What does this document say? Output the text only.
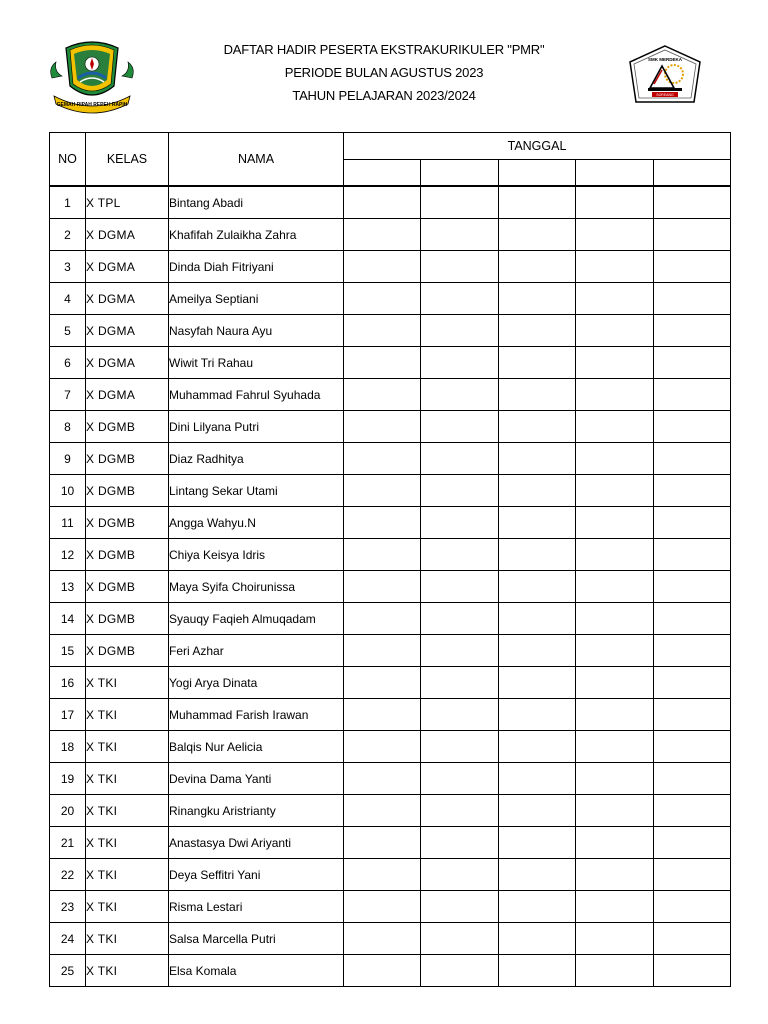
GEMAH RIPAH REPEH RAPIH
SMK MERDEKA
SOREANG
DAFTAR HADIR PESERTA EKSTRAKURIKULER "PMR"
PERIODE BULAN AGUSTUS 2023
TAHUN PELAJARAN 2023/2024
NO	KELAS	NAMA	TANGGAL				

1	X TPL	Bintang Abadi					
2	X DGMA	Khafifah Zulaikha Zahra					
3	X DGMA	Dinda Diah Fitriyani					
4	X DGMA	Ameilya Septiani					
5	X DGMA	Nasyfah Naura Ayu					
6	X DGMA	Wiwit Tri Rahau					
7	X DGMA	Muhammad Fahrul Syuhada					
8	X DGMB	Dini Lilyana Putri					
9	X DGMB	Diaz Radhitya					
10	X DGMB	Lintang Sekar Utami					
11	X DGMB	Angga Wahyu.N					
12	X DGMB	Chiya Keisya Idris					
13	X DGMB	Maya Syifa Choirunissa					
14	X DGMB	Syauqy Faqieh Almuqadam					
15	X DGMB	Feri Azhar					
16	X TKI	Yogi Arya Dinata					
17	X TKI	Muhammad Farish Irawan					
18	X TKI	Balqis Nur Aelicia					
19	X TKI	Devina Dama Yanti					
20	X TKI	Rinangku Aristrianty					
21	X TKI	Anastasya Dwi Ariyanti					
22	X TKI	Deya Seffitri Yani					
23	X TKI	Risma Lestari					
24	X TKI	Salsa Marcella Putri					
25	X TKI	Elsa Komala					
